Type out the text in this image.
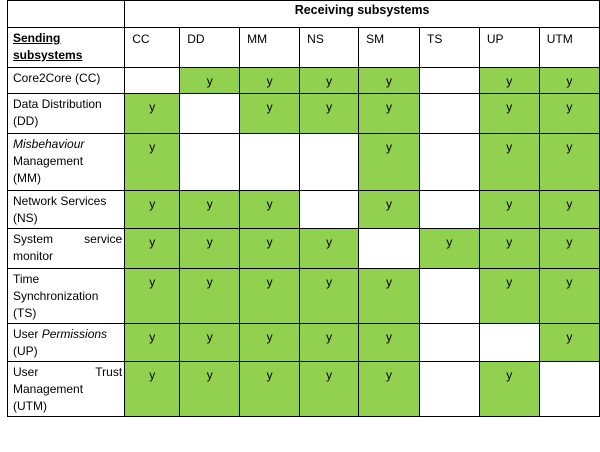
	Receiving subsystems							

Sending
subsystems	CC	DD	MM	NS	SM	TS	UP	UTM

Core2Core (CC)		y	y	y	y		y	y

Data Distribution
(DD)	y		y	y	y		y	y

Misbehaviour
Management
(MM)	y				y		y	y

Network Services
(NS)	y	y	y		y		y	y

System service
monitor	y	y	y	y		y	y	y

Time
Synchronization
(TS)	y	y	y	y	y		y	y

User Permissions
(UP)	y	y	y	y	y			y

User Trust
Management
(UTM)	y	y	y	y	y		y	
